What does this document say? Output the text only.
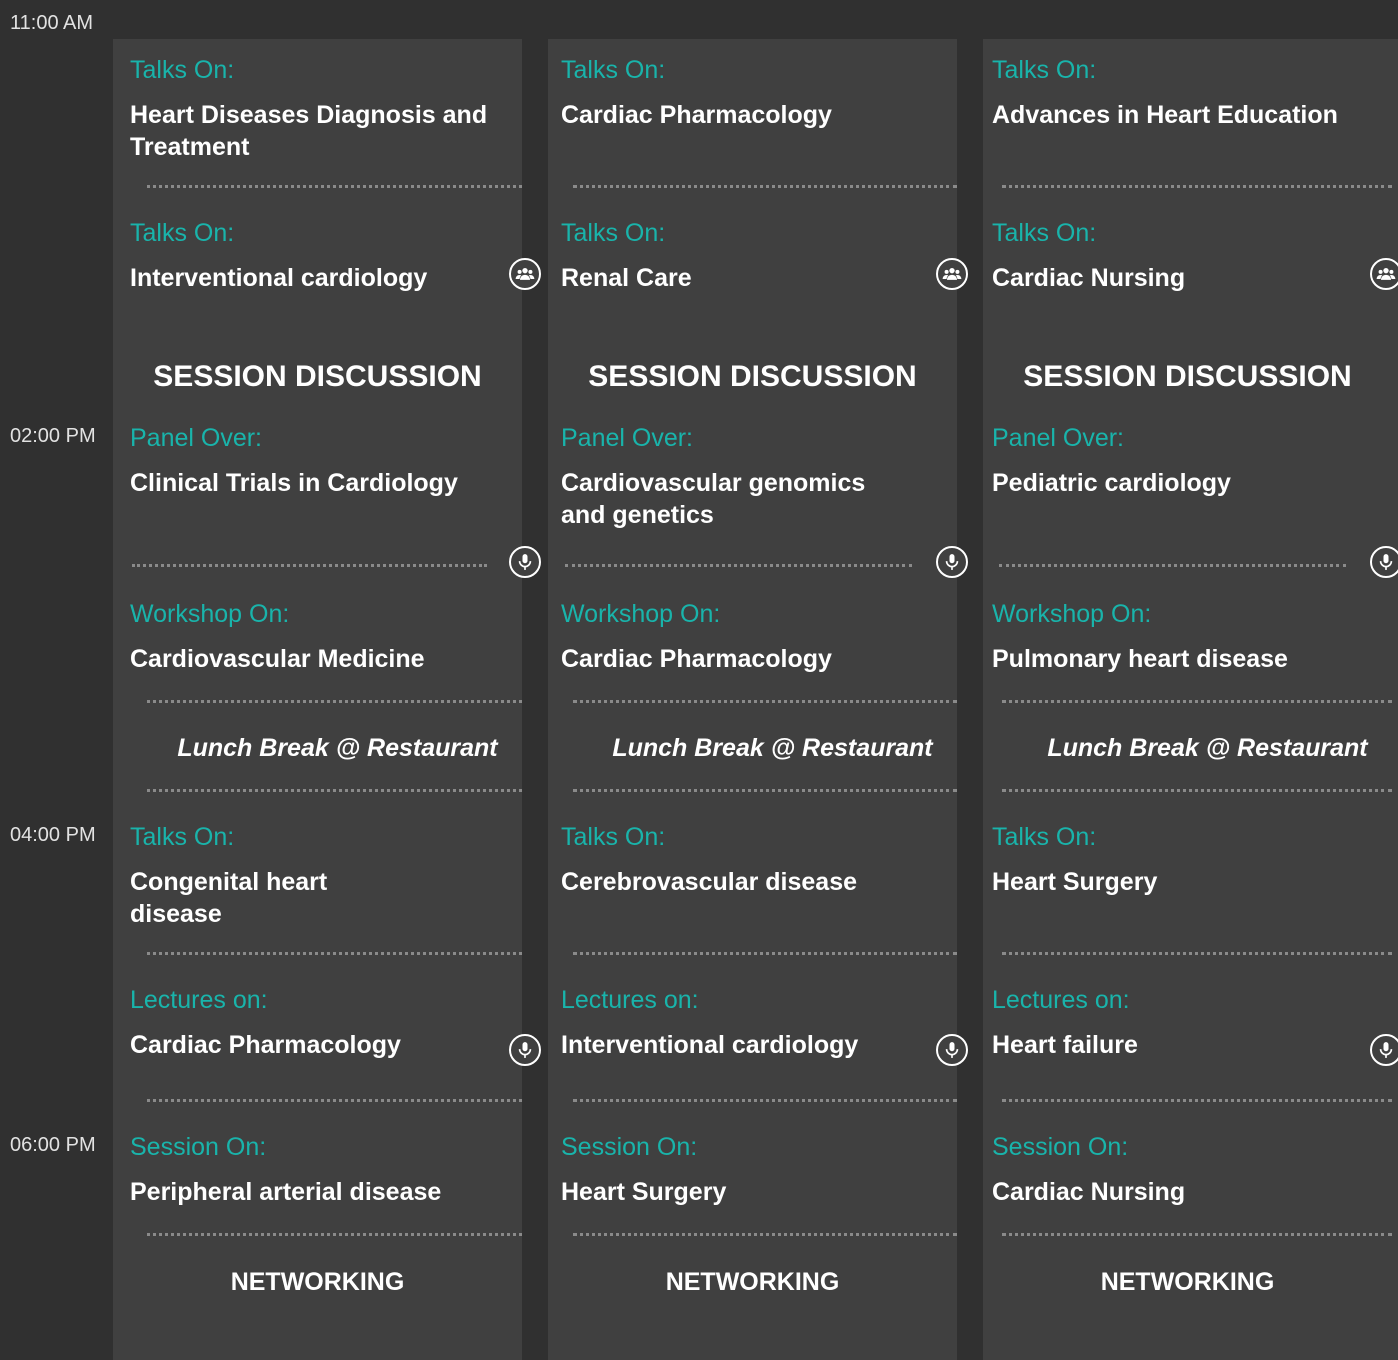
11:00 AM
02:00 PM
04:00 PM
06:00 PM
Talks On:
Heart Diseases Diagnosis and Treatment
Talks On:
Interventional cardiology
SESSION DISCUSSION
Panel Over:
Clinical Trials in Cardiology
Workshop On:
Cardiovascular Medicine
Lunch Break @ Restaurant
Talks On:
Congenital heart disease
Lectures on:
Cardiac Pharmacology
Session On:
Peripheral arterial disease
NETWORKING
Talks On:
Cardiac Pharmacology
Talks On:
Renal Care
SESSION DISCUSSION
Panel Over:
Cardiovascular genomics and genetics
Workshop On:
Cardiac Pharmacology
Lunch Break @ Restaurant
Talks On:
Cerebrovascular disease
Lectures on:
Interventional cardiology
Session On:
Heart Surgery
NETWORKING
Talks On:
Advances in Heart Education
Talks On:
Cardiac Nursing
SESSION DISCUSSION
Panel Over:
Pediatric cardiology
Workshop On:
Pulmonary heart disease
Lunch Break @ Restaurant
Talks On:
Heart Surgery
Lectures on:
Heart failure
Session On:
Cardiac Nursing
NETWORKING
